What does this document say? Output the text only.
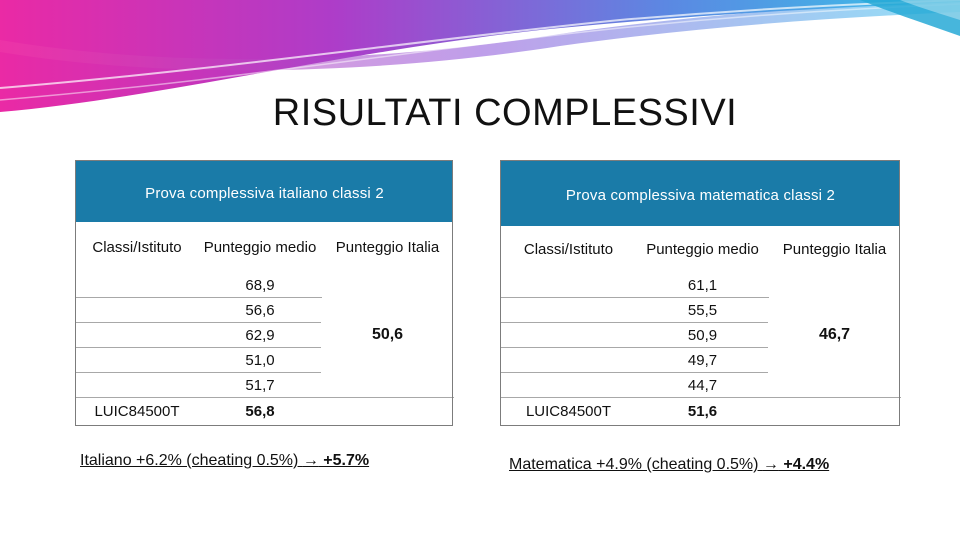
RISULTATI COMPLESSIVI
Prova complessiva italiano classi 2		
Classi/Istituto	Punteggio medio	Punteggio Italia
	68,9	50,6
	56,6	
	62,9	
	51,0	
	51,7	
LUIC84500T	56,8	
Prova complessiva matematica classi 2		
Classi/Istituto	Punteggio medio	Punteggio Italia
	61,1	46,7
	55,5	
	50,9	
	49,7	
	44,7	
LUIC84500T	51,6	
Italiano +6.2% (cheating 0.5%) → +5.7%	Matematica +4.9% (cheating 0.5%) → +4.4%
